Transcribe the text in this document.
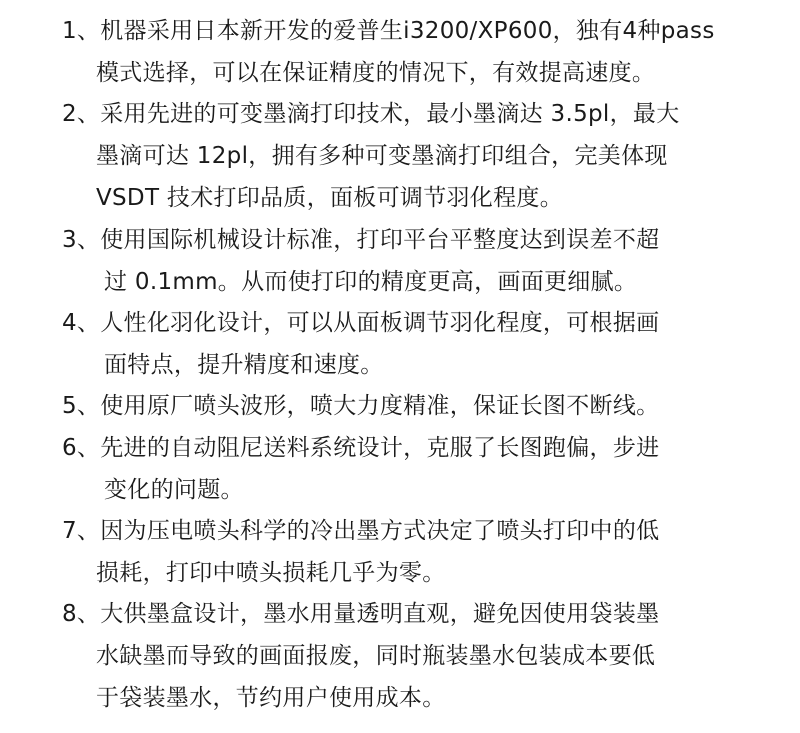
1、机器采用日本新开发的爱普生i3200/XP600，独有4种pass
模式选择，可以在保证精度的情况下，有效提高速度。
2、采用先进的可变墨滴打印技术，最小墨滴达 3.5pl，最大
墨滴可达 12pl，拥有多种可变墨滴打印组合，完美体现
VSDT 技术打印品质，面板可调节羽化程度。
3、使用国际机械设计标准，打印平台平整度达到误差不超
过 0.1mm。从而使打印的精度更高，画面更细腻。
4、人性化羽化设计，可以从面板调节羽化程度，可根据画
面特点，提升精度和速度。
5、使用原厂喷头波形，喷大力度精准，保证长图不断线。
6、先进的自动阻尼送料系统设计，克服了长图跑偏，步进
变化的问题。
7、因为压电喷头科学的冷出墨方式决定了喷头打印中的低
损耗，打印中喷头损耗几乎为零。
8、大供墨盒设计，墨水用量透明直观，避免因使用袋装墨
水缺墨而导致的画面报废，同时瓶装墨水包装成本要低
于袋装墨水，节约用户使用成本。
